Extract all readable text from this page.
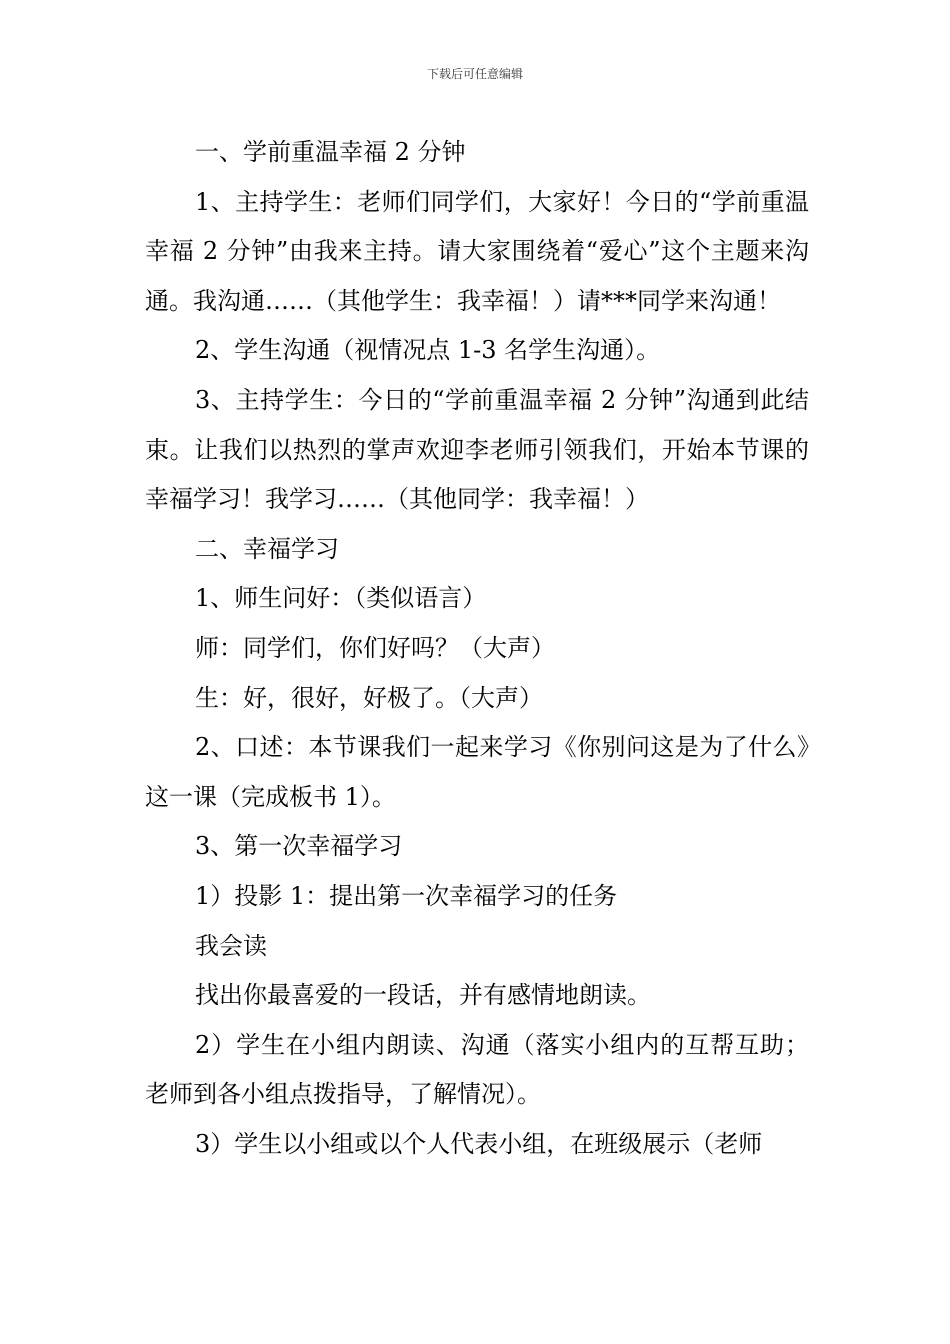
下载后可任意编辑

一、学前重温幸福 2 分钟

1、主持学生：老师们同学们，大家好！今日的“学前重温幸福 2 分钟”由我来主持。请大家围绕着“爱心”这个主题来沟通。我沟通……（其他学生：我幸福！）请***同学来沟通！

2、学生沟通（视情况点 1-3 名学生沟通）。

3、主持学生：今日的“学前重温幸福 2 分钟”沟通到此结束。让我们以热烈的掌声欢迎李老师引领我们，开始本节课的幸福学习！我学习……（其他同学：我幸福！）

二、幸福学习

1、师生问好：（类似语言）

师：同学们，你们好吗？（大声）

生：好，很好，好极了。（大声）

2、口述：本节课我们一起来学习《你别问这是为了什么》这一课（完成板书 1）。

3、第一次幸福学习

1）投影 1：提出第一次幸福学习的任务

我会读

找出你最喜爱的一段话，并有感情地朗读。

2）学生在小组内朗读、沟通（落实小组内的互帮互助；老师到各小组点拨指导，了解情况）。

3）学生以小组或以个人代表小组，在班级展示（老师
